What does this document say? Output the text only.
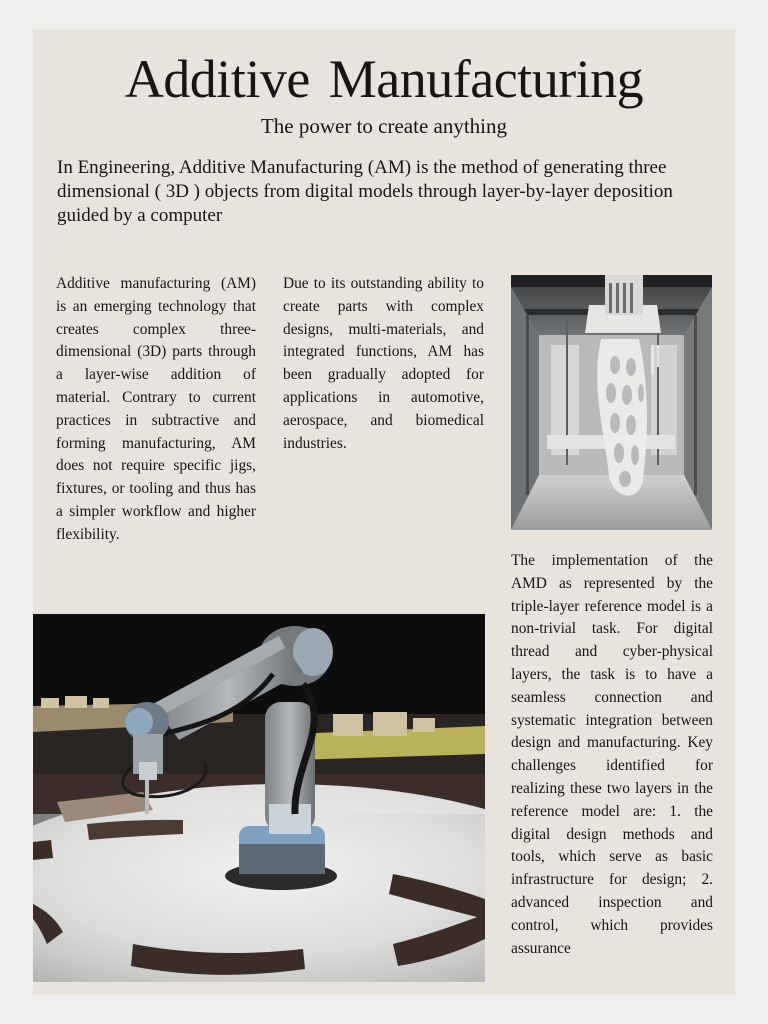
Additive Manufacturing

The power to create anything

In Engineering, Additive Manufacturing (AM) is the method of generating three dimensional ( 3D ) objects from digital models through layer-by-layer deposition guided by a computer

Additive manufacturing (AM) is an emerging technology that creates complex three-dimensional (3D) parts through a layer-wise addition of material. Contrary to current practices in subtractive and forming manufacturing, AM does not require specific jigs, fixtures, or tooling and thus has a simpler workflow and higher flexibility.

Due to its outstanding ability to create parts with complex designs, multi-materials, and integrated functions, AM has been gradually adopted for applications in automotive, aerospace, and biomedical industries.

The implementation of the AMD as represented by the triple-layer reference model is a non-trivial task. For digital thread and cyber-physical layers, the task is to have a seamless connection and systematic integration between design and manufacturing. Key challenges identified for realizing these two layers in the reference model are: 1. the digital design methods and tools, which serve as basic infrastructure for design; 2. advanced inspection and control, which provides assurance
